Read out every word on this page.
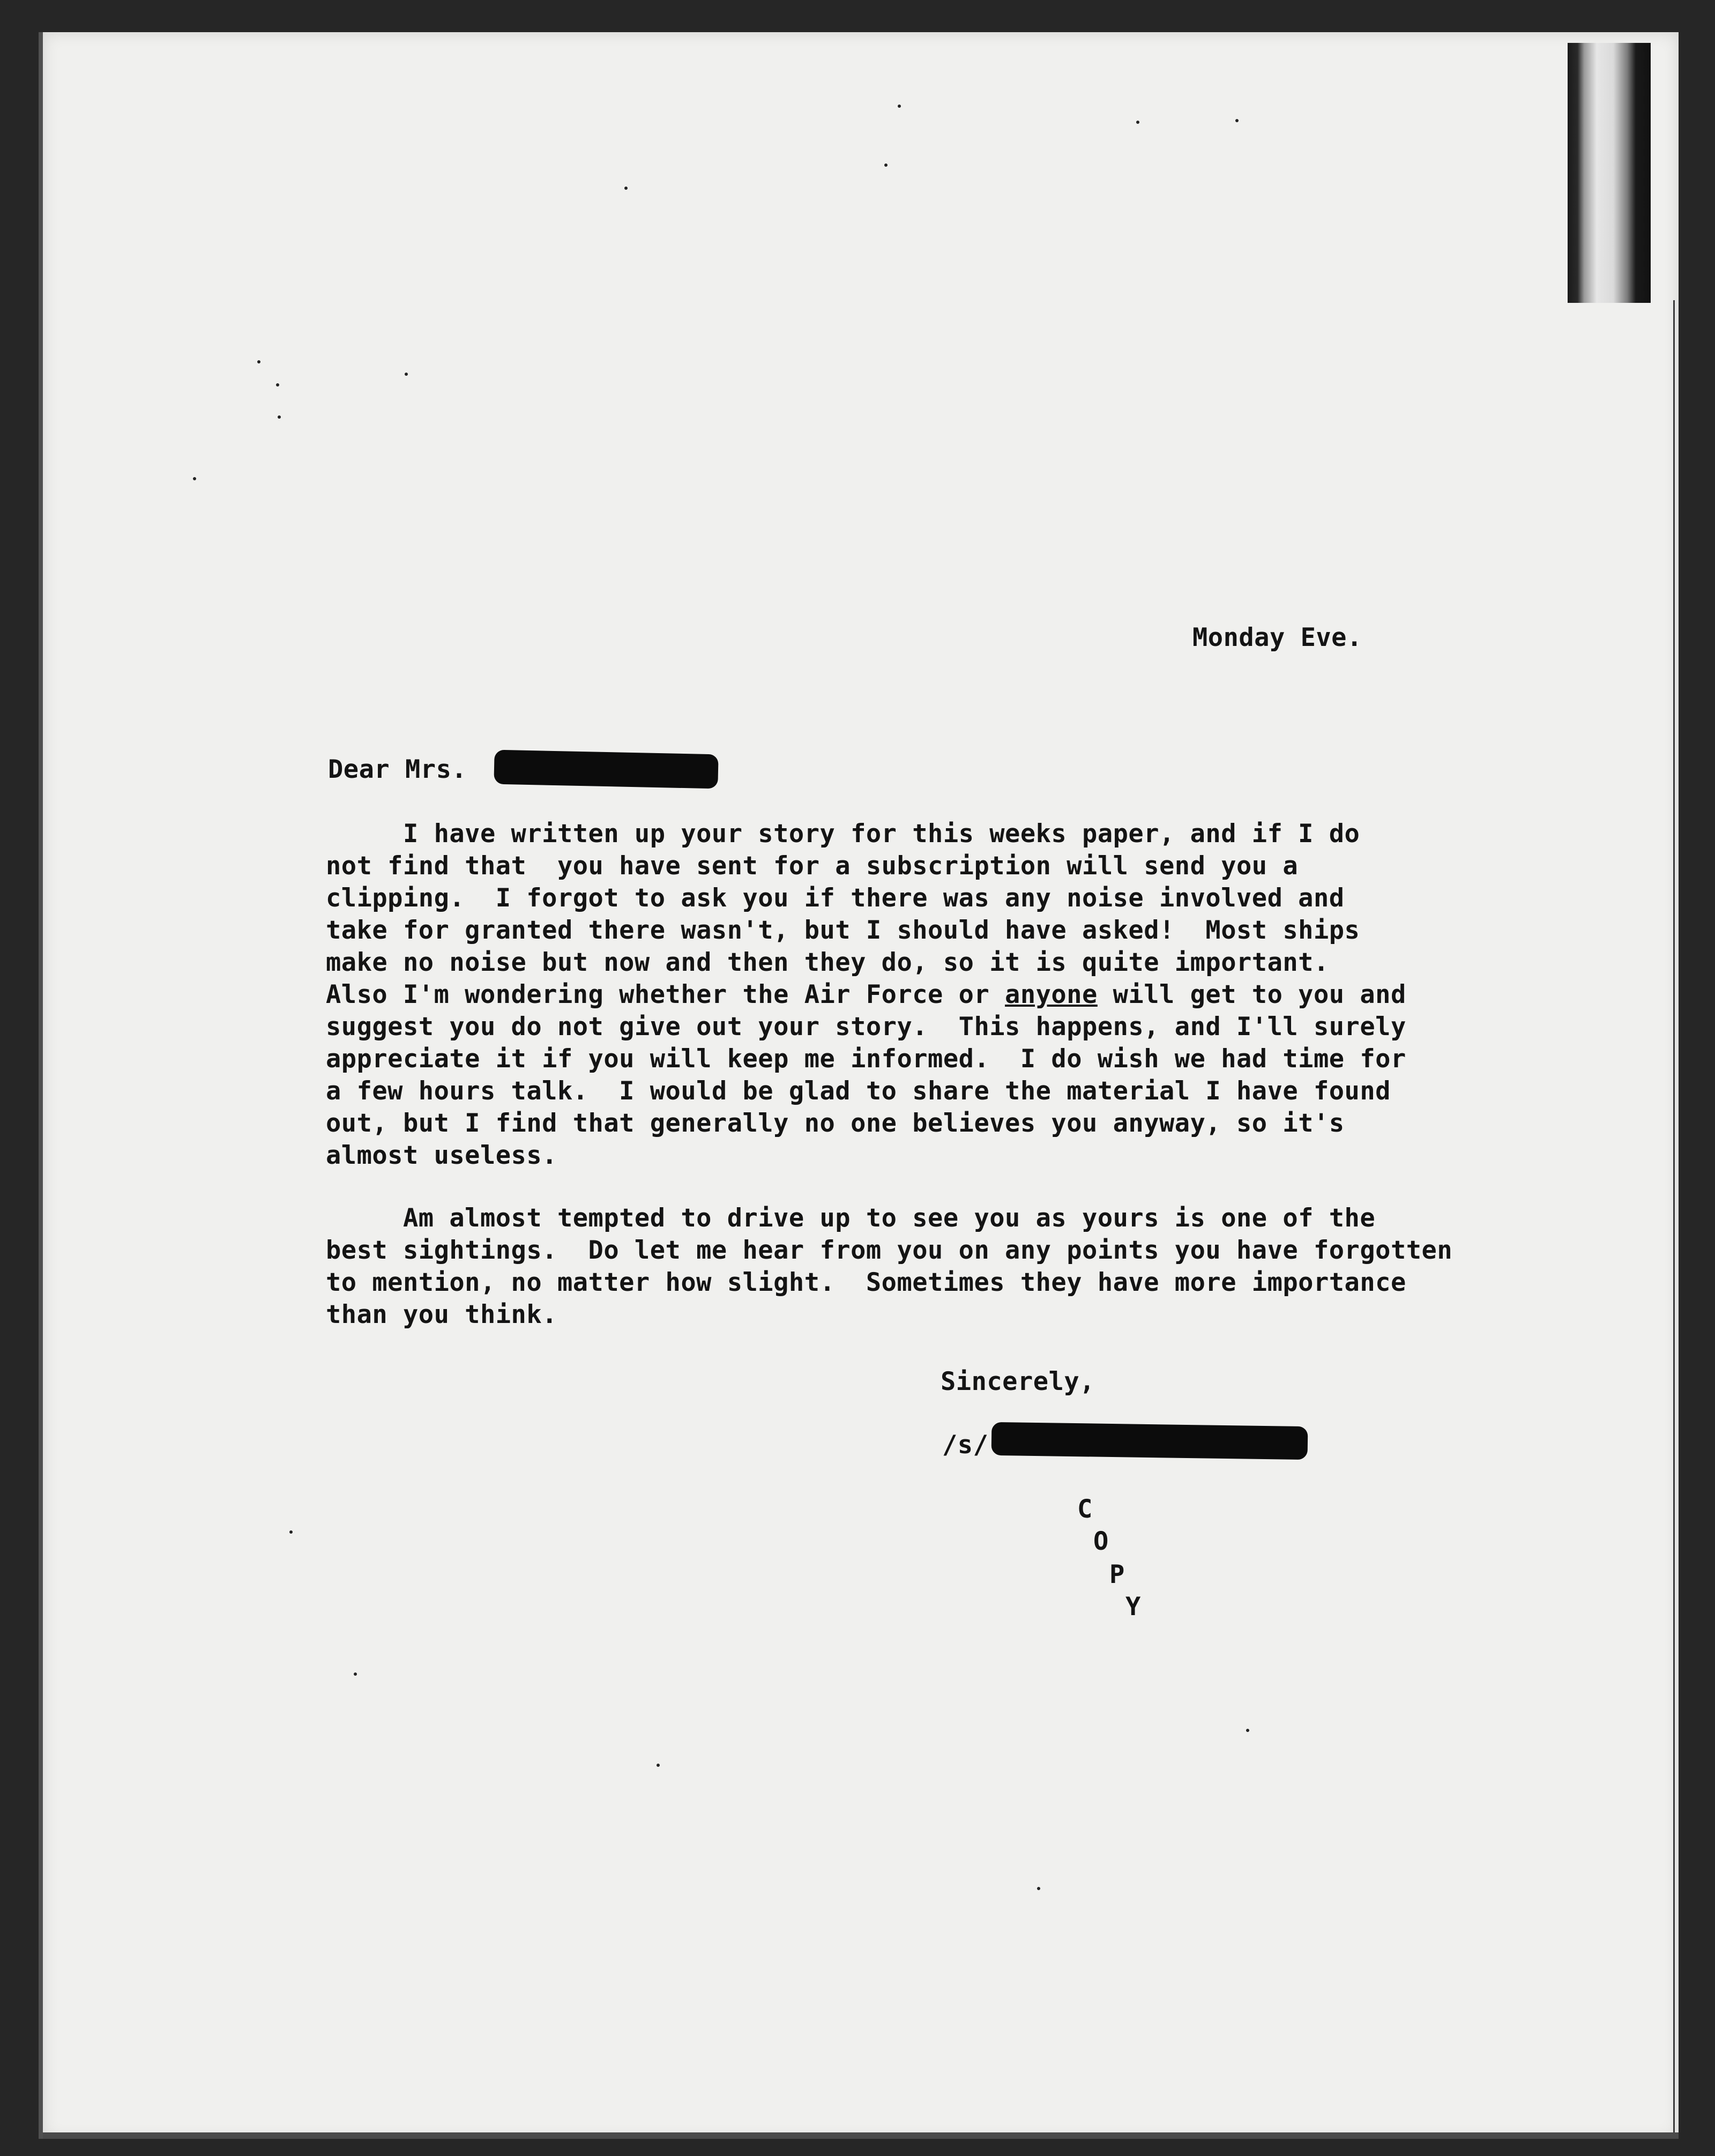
Monday Eve.
Dear Mrs.
I have written up your story for this weeks paper, and if I do
not find that  you have sent for a subscription will send you a
clipping.  I forgot to ask you if there was any noise involved and
take for granted there wasn't, but I should have asked!  Most ships
make no noise but now and then they do, so it is quite important.
Also I'm wondering whether the Air Force or anyone will get to you and
suggest you do not give out your story.  This happens, and I'll surely
appreciate it if you will keep me informed.  I do wish we had time for
a few hours talk.  I would be glad to share the material I have found
out, but I find that generally no one believes you anyway, so it's
almost useless.
Am almost tempted to drive up to see you as yours is one of the
best sightings.  Do let me hear from you on any points you have forgotten
to mention, no matter how slight.  Sometimes they have more importance
than you think.
Sincerely,
/s/
C
O
P
Y
